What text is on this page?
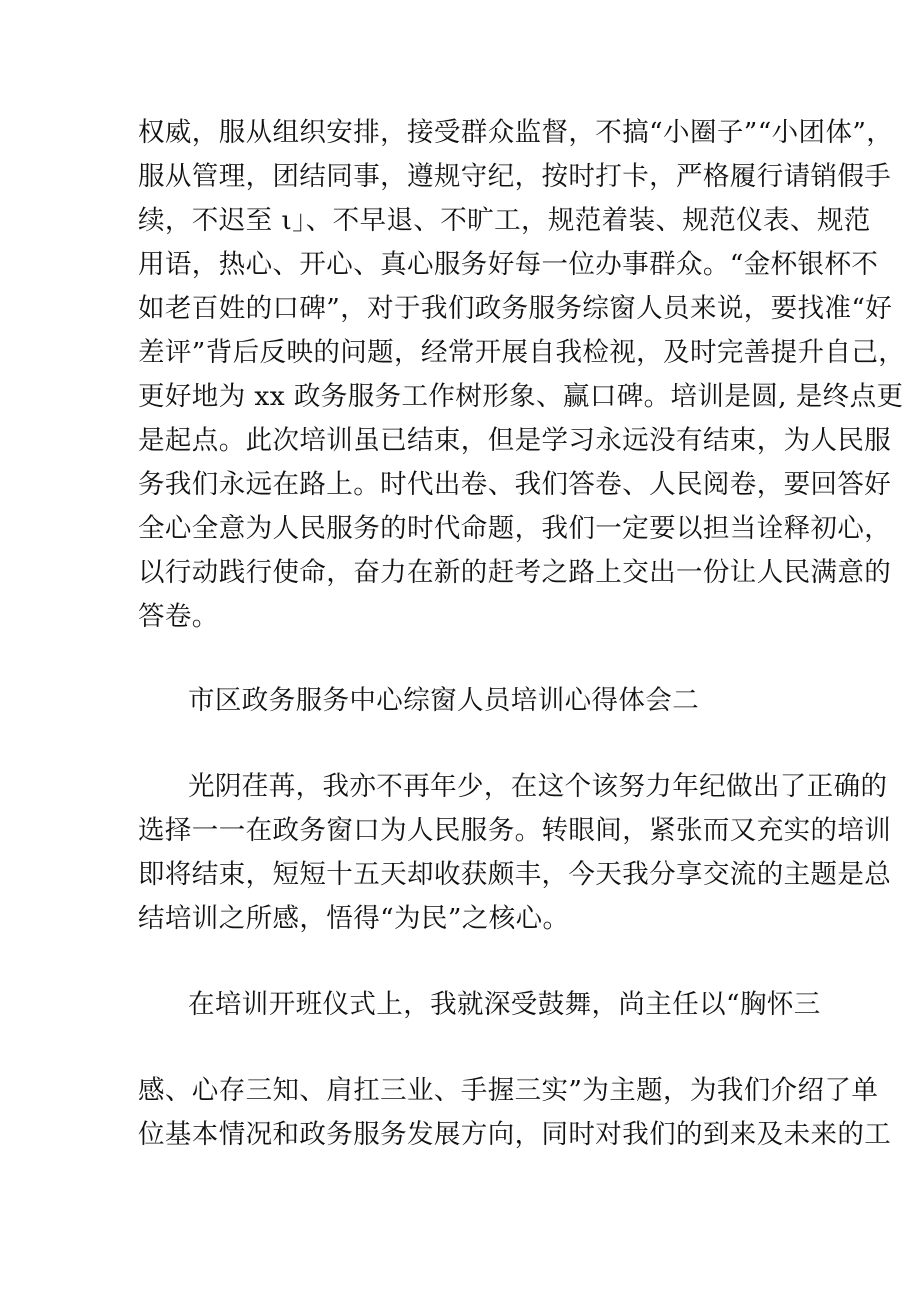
权威，服从组织安排，接受群众监督，不搞“小圈子”“小团体”，
服从管理，团结同事，遵规守纪，按时打卡，严格履行请销假手
续，不迟至 ι」、不早退、不旷工，规范着装、规范仪表、规范
用语，热心、开心、真心服务好每一位办事群众。“金杯银杯不
如老百姓的口碑”，对于我们政务服务综窗人员来说，要找准“好
差评”背后反映的问题，经常开展自我检视，及时完善提升自己，
更好地为 xx 政务服务工作树形象、赢口碑。培训是圆, 是终点更
是起点。此次培训虽已结束，但是学习永远没有结束，为人民服
务我们永远在路上。时代出卷、我们答卷、人民阅卷，要回答好
全心全意为人民服务的时代命题，我们一定要以担当诠释初心，
以行动践行使命，奋力在新的赶考之路上交出一份让人民满意的
答卷。
市区政务服务中心综窗人员培训心得体会二
光阴荏苒，我亦不再年少，在这个该努力年纪做出了正确的
选择一一在政务窗口为人民服务。转眼间，紧张而又充实的培训
即将结束，短短十五天却收获颇丰，今天我分享交流的主题是总
结培训之所感，悟得“为民”之核心。
在培训开班仪式上，我就深受鼓舞，尚主任以“胸怀三
感、心存三知、肩扛三业、手握三实”为主题，为我们介绍了单
位基本情况和政务服务发展方向，同时对我们的到来及未来的工
